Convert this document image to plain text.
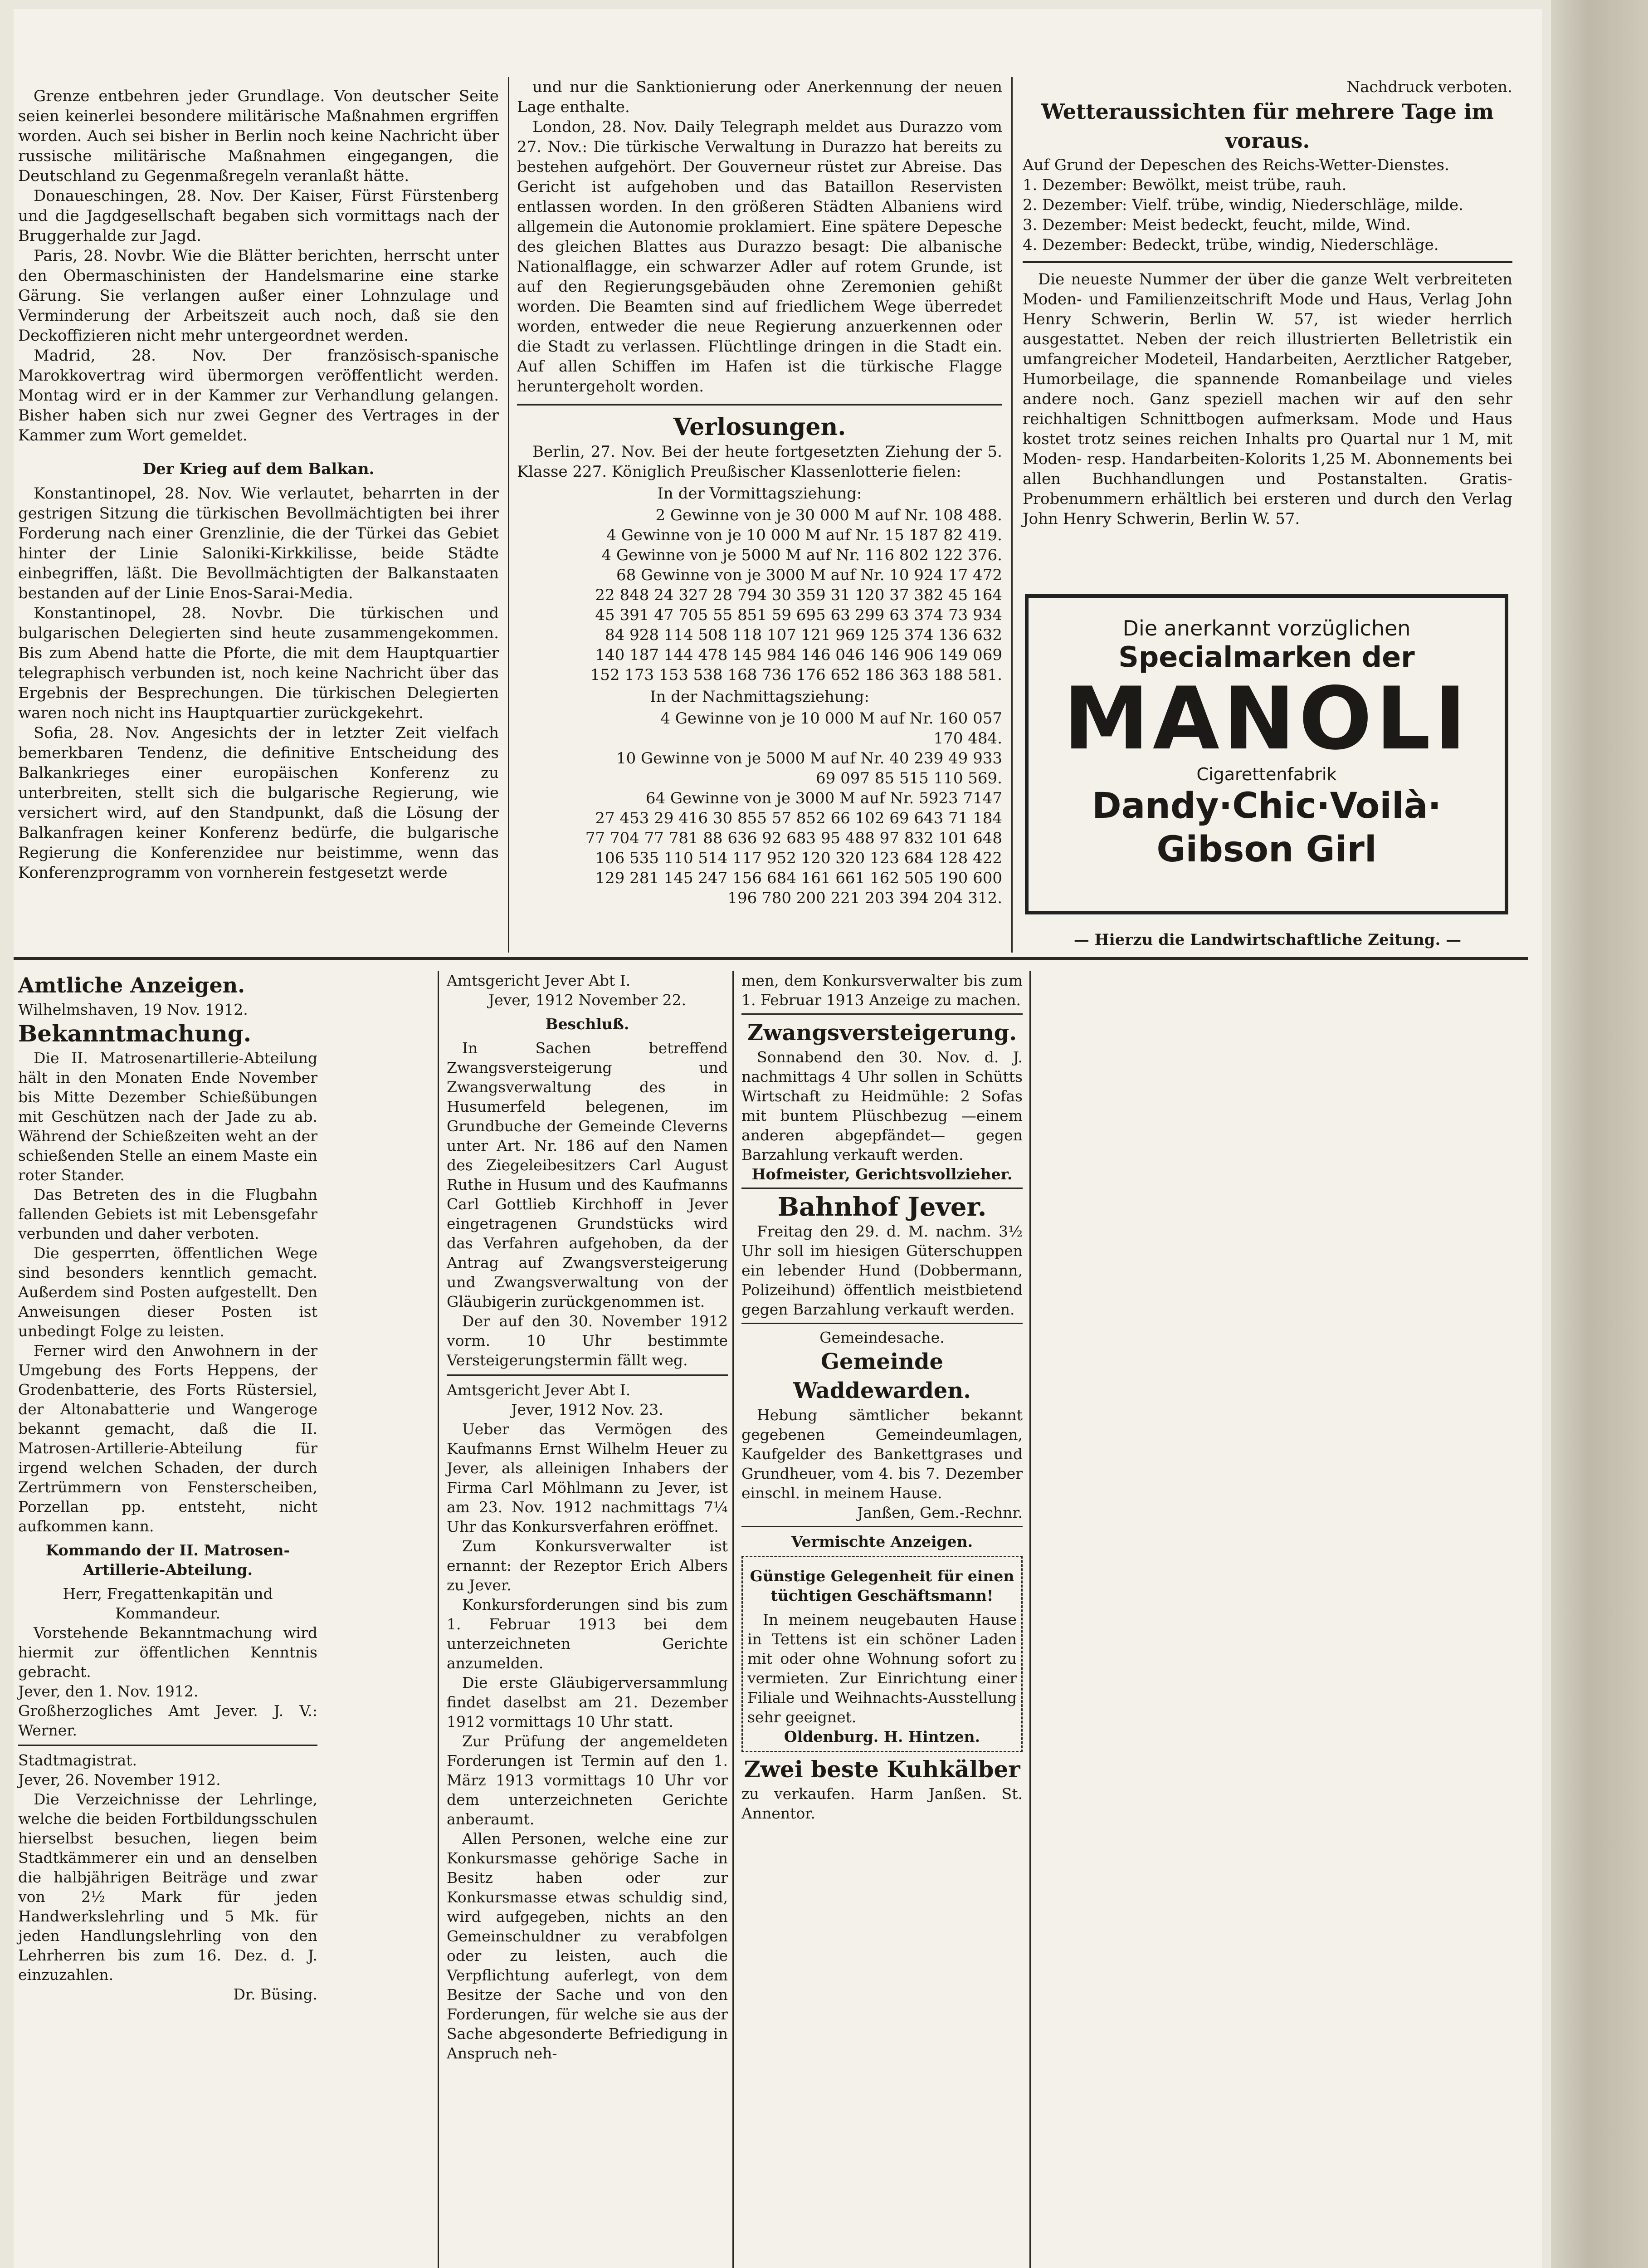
Grenze entbehren jeder Grundlage. Von deutscher Seite seien keinerlei besondere militärische Maßnahmen ergriffen worden. Auch sei bisher in Berlin noch keine Nachricht über russische militärische Maßnahmen eingegangen, die Deutschland zu Gegenmaßregeln veranlaßt hätte.

Donaueschingen, 28. Nov. Der Kaiser, Fürst Fürstenberg und die Jagdgesellschaft begaben sich vormittags nach der Bruggerhalde zur Jagd.

Paris, 28. Novbr. Wie die Blätter berichten, herrscht unter den Obermaschinisten der Handelsmarine eine starke Gärung. Sie verlangen außer einer Lohnzulage und Verminderung der Arbeitszeit auch noch, daß sie den Deckoffizieren nicht mehr untergeordnet werden.

Madrid, 28. Nov. Der französisch-spanische Marokkovertrag wird übermorgen veröffentlicht werden. Montag wird er in der Kammer zur Verhandlung gelangen. Bisher haben sich nur zwei Gegner des Vertrages in der Kammer zum Wort gemeldet.

Der Krieg auf dem Balkan.

Konstantinopel, 28. Nov. Wie verlautet, beharrten in der gestrigen Sitzung die türkischen Bevollmächtigten bei ihrer Forderung nach einer Grenzlinie, die der Türkei das Gebiet hinter der Linie Saloniki-Kirkkilisse, beide Städte einbegriffen, läßt. Die Bevollmächtigten der Balkanstaaten bestanden auf der Linie Enos-Sarai-Media.

Konstantinopel, 28. Novbr. Die türkischen und bulgarischen Delegierten sind heute zusammengekommen. Bis zum Abend hatte die Pforte, die mit dem Hauptquartier telegraphisch verbunden ist, noch keine Nachricht über das Ergebnis der Besprechungen. Die türkischen Delegierten waren noch nicht ins Hauptquartier zurückgekehrt.

Sofia, 28. Nov. Angesichts der in letzter Zeit vielfach bemerkbaren Tendenz, die definitive Entscheidung des Balkankrieges einer europäischen Konferenz zu unterbreiten, stellt sich die bulgarische Regierung, wie versichert wird, auf den Standpunkt, daß die Lösung der Balkanfragen keiner Konferenz bedürfe, die bulgarische Regierung die Konferenzidee nur beistimme, wenn das Konferenzprogramm von vornherein festgesetzt werde

und nur die Sanktionierung oder Anerkennung der neuen Lage enthalte.

London, 28. Nov. Daily Telegraph meldet aus Durazzo vom 27. Nov.: Die türkische Verwaltung in Durazzo hat bereits zu bestehen aufgehört. Der Gouverneur rüstet zur Abreise. Das Gericht ist aufgehoben und das Bataillon Reservisten entlassen worden. In den größeren Städten Albaniens wird allgemein die Autonomie proklamiert. Eine spätere Depesche des gleichen Blattes aus Durazzo besagt: Die albanische Nationalflagge, ein schwarzer Adler auf rotem Grunde, ist auf den Regierungsgebäuden ohne Zeremonien gehißt worden. Die Beamten sind auf friedlichem Wege überredet worden, entweder die neue Regierung anzuerkennen oder die Stadt zu verlassen. Flüchtlinge dringen in die Stadt ein. Auf allen Schiffen im Hafen ist die türkische Flagge heruntergeholt worden.

Verlosungen.

Berlin, 27. Nov. Bei der heute fortgesetzten Ziehung der 5. Klasse 227. Königlich Preußischer Klassenlotterie fielen:

In der Vormittagsziehung:
2 Gewinne von je 30 000 M auf Nr. 108 488.
4 Gewinne von je 10 000 M auf Nr. 15 187 82 419.
4 Gewinne von je 5000 M auf Nr. 116 802 122 376.
68 Gewinne von je 3000 M auf Nr. 10 924 17 472
22 848 24 327 28 794 30 359 31 120 37 382 45 164
45 391 47 705 55 851 59 695 63 299 63 374 73 934
84 928 114 508 118 107 121 969 125 374 136 632
140 187 144 478 145 984 146 046 146 906 149 069
152 173 153 538 168 736 176 652 186 363 188 581.
In der Nachmittagsziehung:
4 Gewinne von je 10 000 M auf Nr. 160 057
170 484.
10 Gewinne von je 5000 M auf Nr. 40 239 49 933
69 097 85 515 110 569.
64 Gewinne von je 3000 M auf Nr. 5923 7147
27 453 29 416 30 855 57 852 66 102 69 643 71 184
77 704 77 781 88 636 92 683 95 488 97 832 101 648
106 535 110 514 117 952 120 320 123 684 128 422
129 281 145 247 156 684 161 661 162 505 190 600
196 780 200 221 203 394 204 312.
Nachdruck verboten.
Wetteraussichten für mehrere Tage im voraus.
Auf Grund der Depeschen des Reichs-Wetter-Dienstes.
1. Dezember: Bewölkt, meist trübe, rauh.
2. Dezember: Vielf. trübe, windig, Niederschläge, milde.
3. Dezember: Meist bedeckt, feucht, milde, Wind.
4. Dezember: Bedeckt, trübe, windig, Niederschläge.

Die neueste Nummer der über die ganze Welt verbreiteten Moden- und Familienzeitschrift Mode und Haus, Verlag John Henry Schwerin, Berlin W. 57, ist wieder herrlich ausgestattet. Neben der reich illustrierten Belletristik ein umfangreicher Modeteil, Handarbeiten, Aerztlicher Ratgeber, Humorbeilage, die spannende Romanbeilage und vieles andere noch. Ganz speziell machen wir auf den sehr reichhaltigen Schnittbogen aufmerksam. Mode und Haus kostet trotz seines reichen Inhalts pro Quartal nur 1 M, mit Moden- resp. Handarbeiten-Kolorits 1,25 M. Abonnements bei allen Buchhandlungen und Postanstalten. Gratis-Probenummern erhältlich bei ersteren und durch den Verlag John Henry Schwerin, Berlin W. 57.

Die anerkannt vorzüglichen
Specialmarken der
MANOLI
Cigarettenfabrik
Dandy·Chic·Voilà·
Gibson Girl
— Hierzu die Landwirtschaftliche Zeitung. —
Amtliche Anzeigen.
Wilhelmshaven, 19 Nov. 1912.
Bekanntmachung.

Die II. Matrosenartillerie-Abteilung hält in den Monaten Ende November bis Mitte Dezember Schießübungen mit Geschützen nach der Jade zu ab. Während der Schießzeiten weht an der schießenden Stelle an einem Maste ein roter Stander.

Das Betreten des in die Flugbahn fallenden Gebiets ist mit Lebensgefahr verbunden und daher verboten.

Die gesperrten, öffentlichen Wege sind besonders kenntlich gemacht. Außerdem sind Posten aufgestellt. Den Anweisungen dieser Posten ist unbedingt Folge zu leisten.

Ferner wird den Anwohnern in der Umgebung des Forts Heppens, der Grodenbatterie, des Forts Rüstersiel, der Altonabatterie und Wangeroge bekannt gemacht, daß die II. Matrosen-Artillerie-Abteilung für irgend welchen Schaden, der durch Zertrümmern von Fensterscheiben, Porzellan pp. entsteht, nicht aufkommen kann.

Kommando der II. Matrosen-Artillerie-Abteilung.
Herr, Fregattenkapitän und Kommandeur.

Vorstehende Bekanntmachung wird hiermit zur öffentlichen Kenntnis gebracht.

Jever, den 1. Nov. 1912.
Großherzogliches Amt Jever. J. V.: Werner.
Stadtmagistrat.
Jever, 26. November 1912.

Die Verzeichnisse der Lehrlinge, welche die beiden Fortbildungsschulen hierselbst besuchen, liegen beim Stadtkämmerer ein und an denselben die halbjährigen Beiträge und zwar von 2½ Mark für jeden Handwerkslehrling und 5 Mk. für jeden Handlungslehrling von den Lehrherren bis zum 16. Dez. d. J. einzuzahlen.

Dr. Büsing.
Amtsgericht Jever Abt I.
Jever, 1912 November 22.
Beschluß.

In Sachen betreffend Zwangsversteigerung und Zwangsverwaltung des in Husumerfeld belegenen, im Grundbuche der Gemeinde Cleverns unter Art. Nr. 186 auf den Namen des Ziegeleibesitzers Carl August Ruthe in Husum und des Kaufmanns Carl Gottlieb Kirchhoff in Jever eingetragenen Grundstücks wird das Verfahren aufgehoben, da der Antrag auf Zwangsversteigerung und Zwangsverwaltung von der Gläubigerin zurückgenommen ist.

Der auf den 30. November 1912 vorm. 10 Uhr bestimmte Versteigerungstermin fällt weg.

Amtsgericht Jever Abt I.
Jever, 1912 Nov. 23.

Ueber das Vermögen des Kaufmanns Ernst Wilhelm Heuer zu Jever, als alleinigen Inhabers der Firma Carl Möhlmann zu Jever, ist am 23. Nov. 1912 nachmittags 7¼ Uhr das Konkursverfahren eröffnet.

Zum Konkursverwalter ist ernannt: der Rezeptor Erich Albers zu Jever.

Konkursforderungen sind bis zum 1. Februar 1913 bei dem unterzeichneten Gerichte anzumelden.

Die erste Gläubigerversammlung findet daselbst am 21. Dezember 1912 vormittags 10 Uhr statt.

Zur Prüfung der angemeldeten Forderungen ist Termin auf den 1. März 1913 vormittags 10 Uhr vor dem unterzeichneten Gerichte anberaumt.

Allen Personen, welche eine zur Konkursmasse gehörige Sache in Besitz haben oder zur Konkursmasse etwas schuldig sind, wird aufgegeben, nichts an den Gemeinschuldner zu verabfolgen oder zu leisten, auch die Verpflichtung auferlegt, von dem Besitze der Sache und von den Forderungen, für welche sie aus der Sache abgesonderte Befriedigung in Anspruch neh-

men, dem Konkursverwalter bis zum 1. Februar 1913 Anzeige zu machen.

Zwangsversteigerung.

Sonnabend den 30. Nov. d. J. nachmittags 4 Uhr sollen in Schütts Wirtschaft zu Heidmühle: 2 Sofas mit buntem Plüschbezug —einem anderen abgepfändet— gegen Barzahlung verkauft werden.

Hofmeister, Gerichtsvollzieher.
Bahnhof Jever.

Freitag den 29. d. M. nachm. 3½ Uhr soll im hiesigen Güterschuppen ein lebender Hund (Dobbermann, Polizeihund) öffentlich meistbietend gegen Barzahlung verkauft werden.

Gemeindesache.
Gemeinde Waddewarden.

Hebung sämtlicher bekannt gegebenen Gemeindeumlagen, Kaufgelder des Bankettgrases und Grundheuer, vom 4. bis 7. Dezember einschl. in meinem Hause.

Janßen, Gem.-Rechnr.
Vermischte Anzeigen.
Günstige Gelegenheit für einen tüchtigen Geschäftsmann!

In meinem neugebauten Hause in Tettens ist ein schöner Laden mit oder ohne Wohnung sofort zu vermieten. Zur Einrichtung einer Filiale und Weihnachts-Ausstellung sehr geeignet.

Oldenburg. H. Hintzen.
Zwei beste Kuhkälber
zu verkaufen. Harm Janßen. St. Annentor.
